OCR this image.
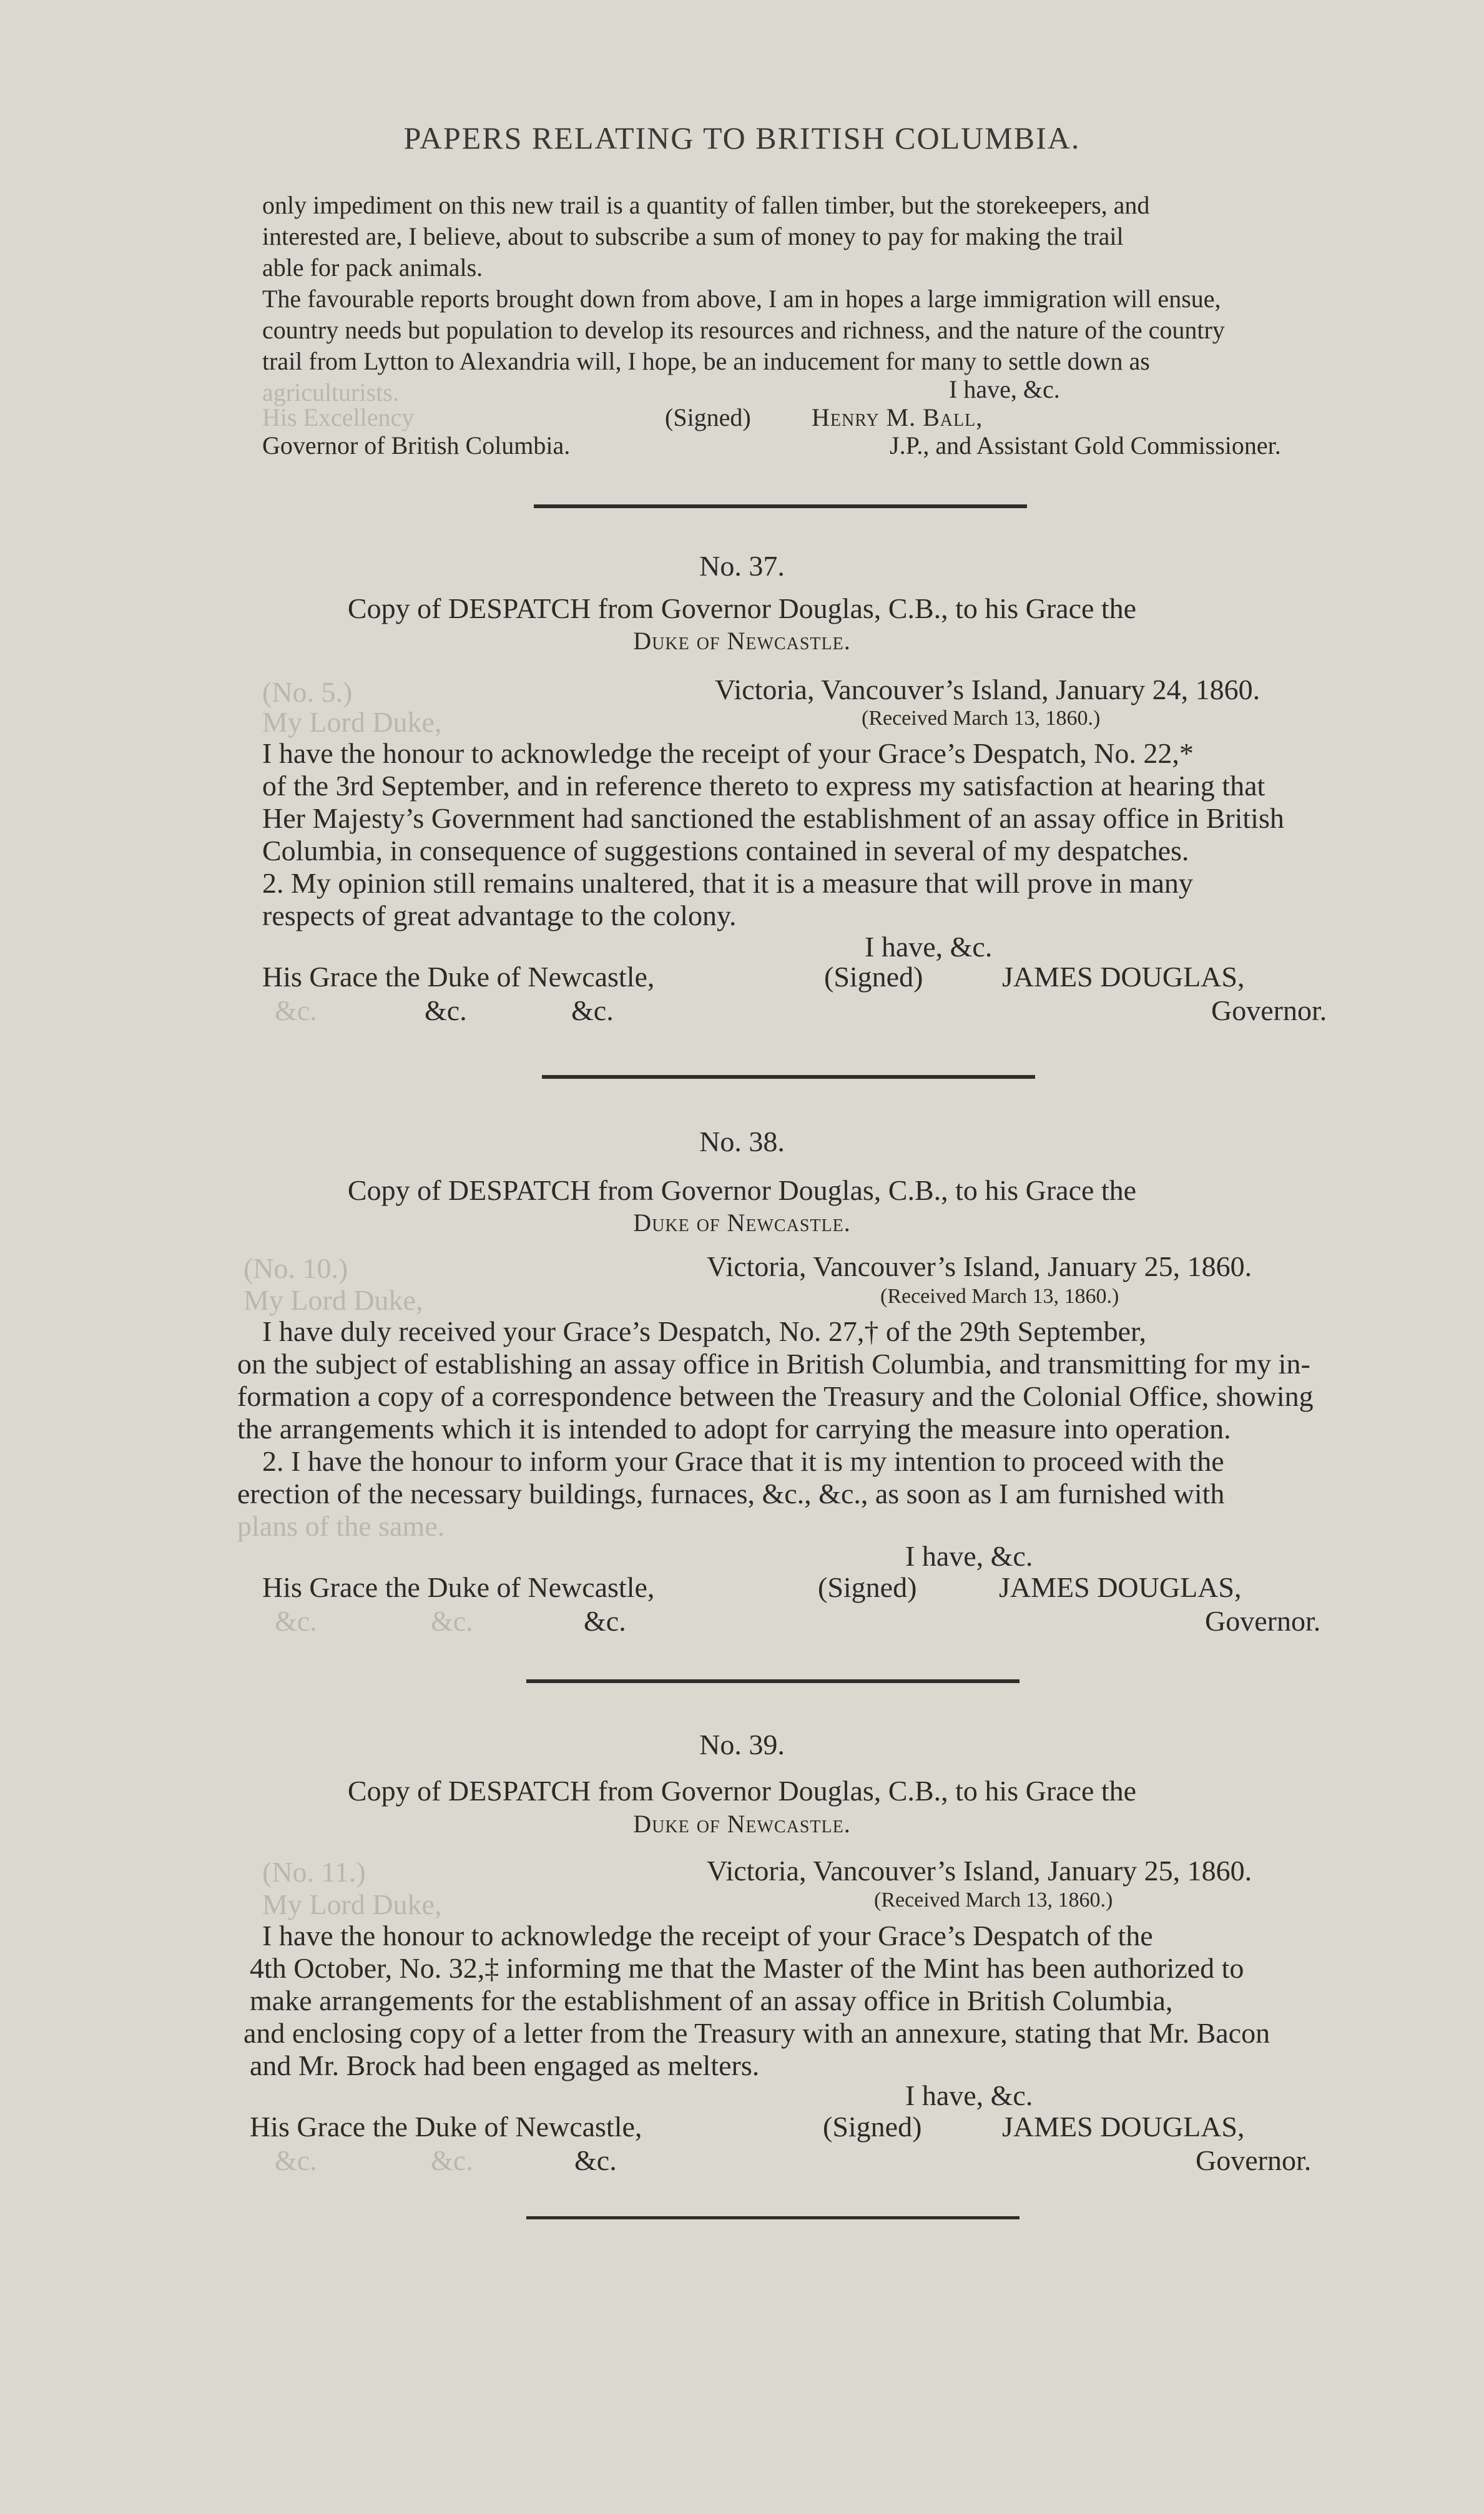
PAPERS RELATING TO BRITISH COLUMBIA.
only impediment on this new trail is a quantity of fallen timber, but the storekeepers, and
interested are, I believe, about to subscribe a sum of money to pay for making the trail
able for pack animals.
The favourable reports brought down from above, I am in hopes a large immigration will ensue,
country needs but population to develop its resources and richness, and the nature of the country
trail from Lytton to Alexandria will, I hope, be an inducement for many to settle down as
agriculturists.	I have, &c.
(Signed) Henry M. Ball,
His Excellency
Governor of British Columbia.	J.P., and Assistant Gold Commissioner.
No. 37.
Copy of DESPATCH from Governor Douglas, C.B., to his Grace the
Duke of Newcastle.
(No. 5.)	Victoria, Vancouver’s Island, January 24, 1860.
(Received March 13, 1860.)
My Lord Duke,
I have the honour to acknowledge the receipt of your Grace’s Despatch, No. 22,*
of the 3rd September, and in reference thereto to express my satisfaction at hearing that
Her Majesty’s Government had sanctioned the establishment of an assay office in British
Columbia, in consequence of suggestions contained in several of my despatches.
2. My opinion still remains unaltered, that it is a measure that will prove in many
respects of great advantage to the colony.
I have, &c.
His Grace the Duke of Newcastle,	(Signed)	JAMES DOUGLAS,
&c.	&c.	&c.	Governor.
No. 38.
Copy of DESPATCH from Governor Douglas, C.B., to his Grace the
Duke of Newcastle.
(No. 10.)	Victoria, Vancouver’s Island, January 25, 1860.
(Received March 13, 1860.)
My Lord Duke,
I have duly received your Grace’s Despatch, No. 27,† of the 29th September,
on the subject of establishing an assay office in British Columbia, and transmitting for my in-
formation a copy of a correspondence between the Treasury and the Colonial Office, showing
the arrangements which it is intended to adopt for carrying the measure into operation.
2. I have the honour to inform your Grace that it is my intention to proceed with the
erection of the necessary buildings, furnaces, &c., &c., as soon as I am furnished with
plans of the same.
I have, &c.
His Grace the Duke of Newcastle,	(Signed)	JAMES DOUGLAS,
&c.	&c.	&c.	Governor.
No. 39.
Copy of DESPATCH from Governor Douglas, C.B., to his Grace the
Duke of Newcastle.
(No. 11.)	Victoria, Vancouver’s Island, January 25, 1860.
(Received March 13, 1860.)
My Lord Duke,
I have the honour to acknowledge the receipt of your Grace’s Despatch of the
4th October, No. 32,‡ informing me that the Master of the Mint has been authorized to
make arrangements for the establishment of an assay office in British Columbia,
and enclosing copy of a letter from the Treasury with an annexure, stating that Mr. Bacon
and Mr. Brock had been engaged as melters.
I have, &c.
His Grace the Duke of Newcastle,	(Signed)	JAMES DOUGLAS,
&c.	&c.	&c.	Governor.
